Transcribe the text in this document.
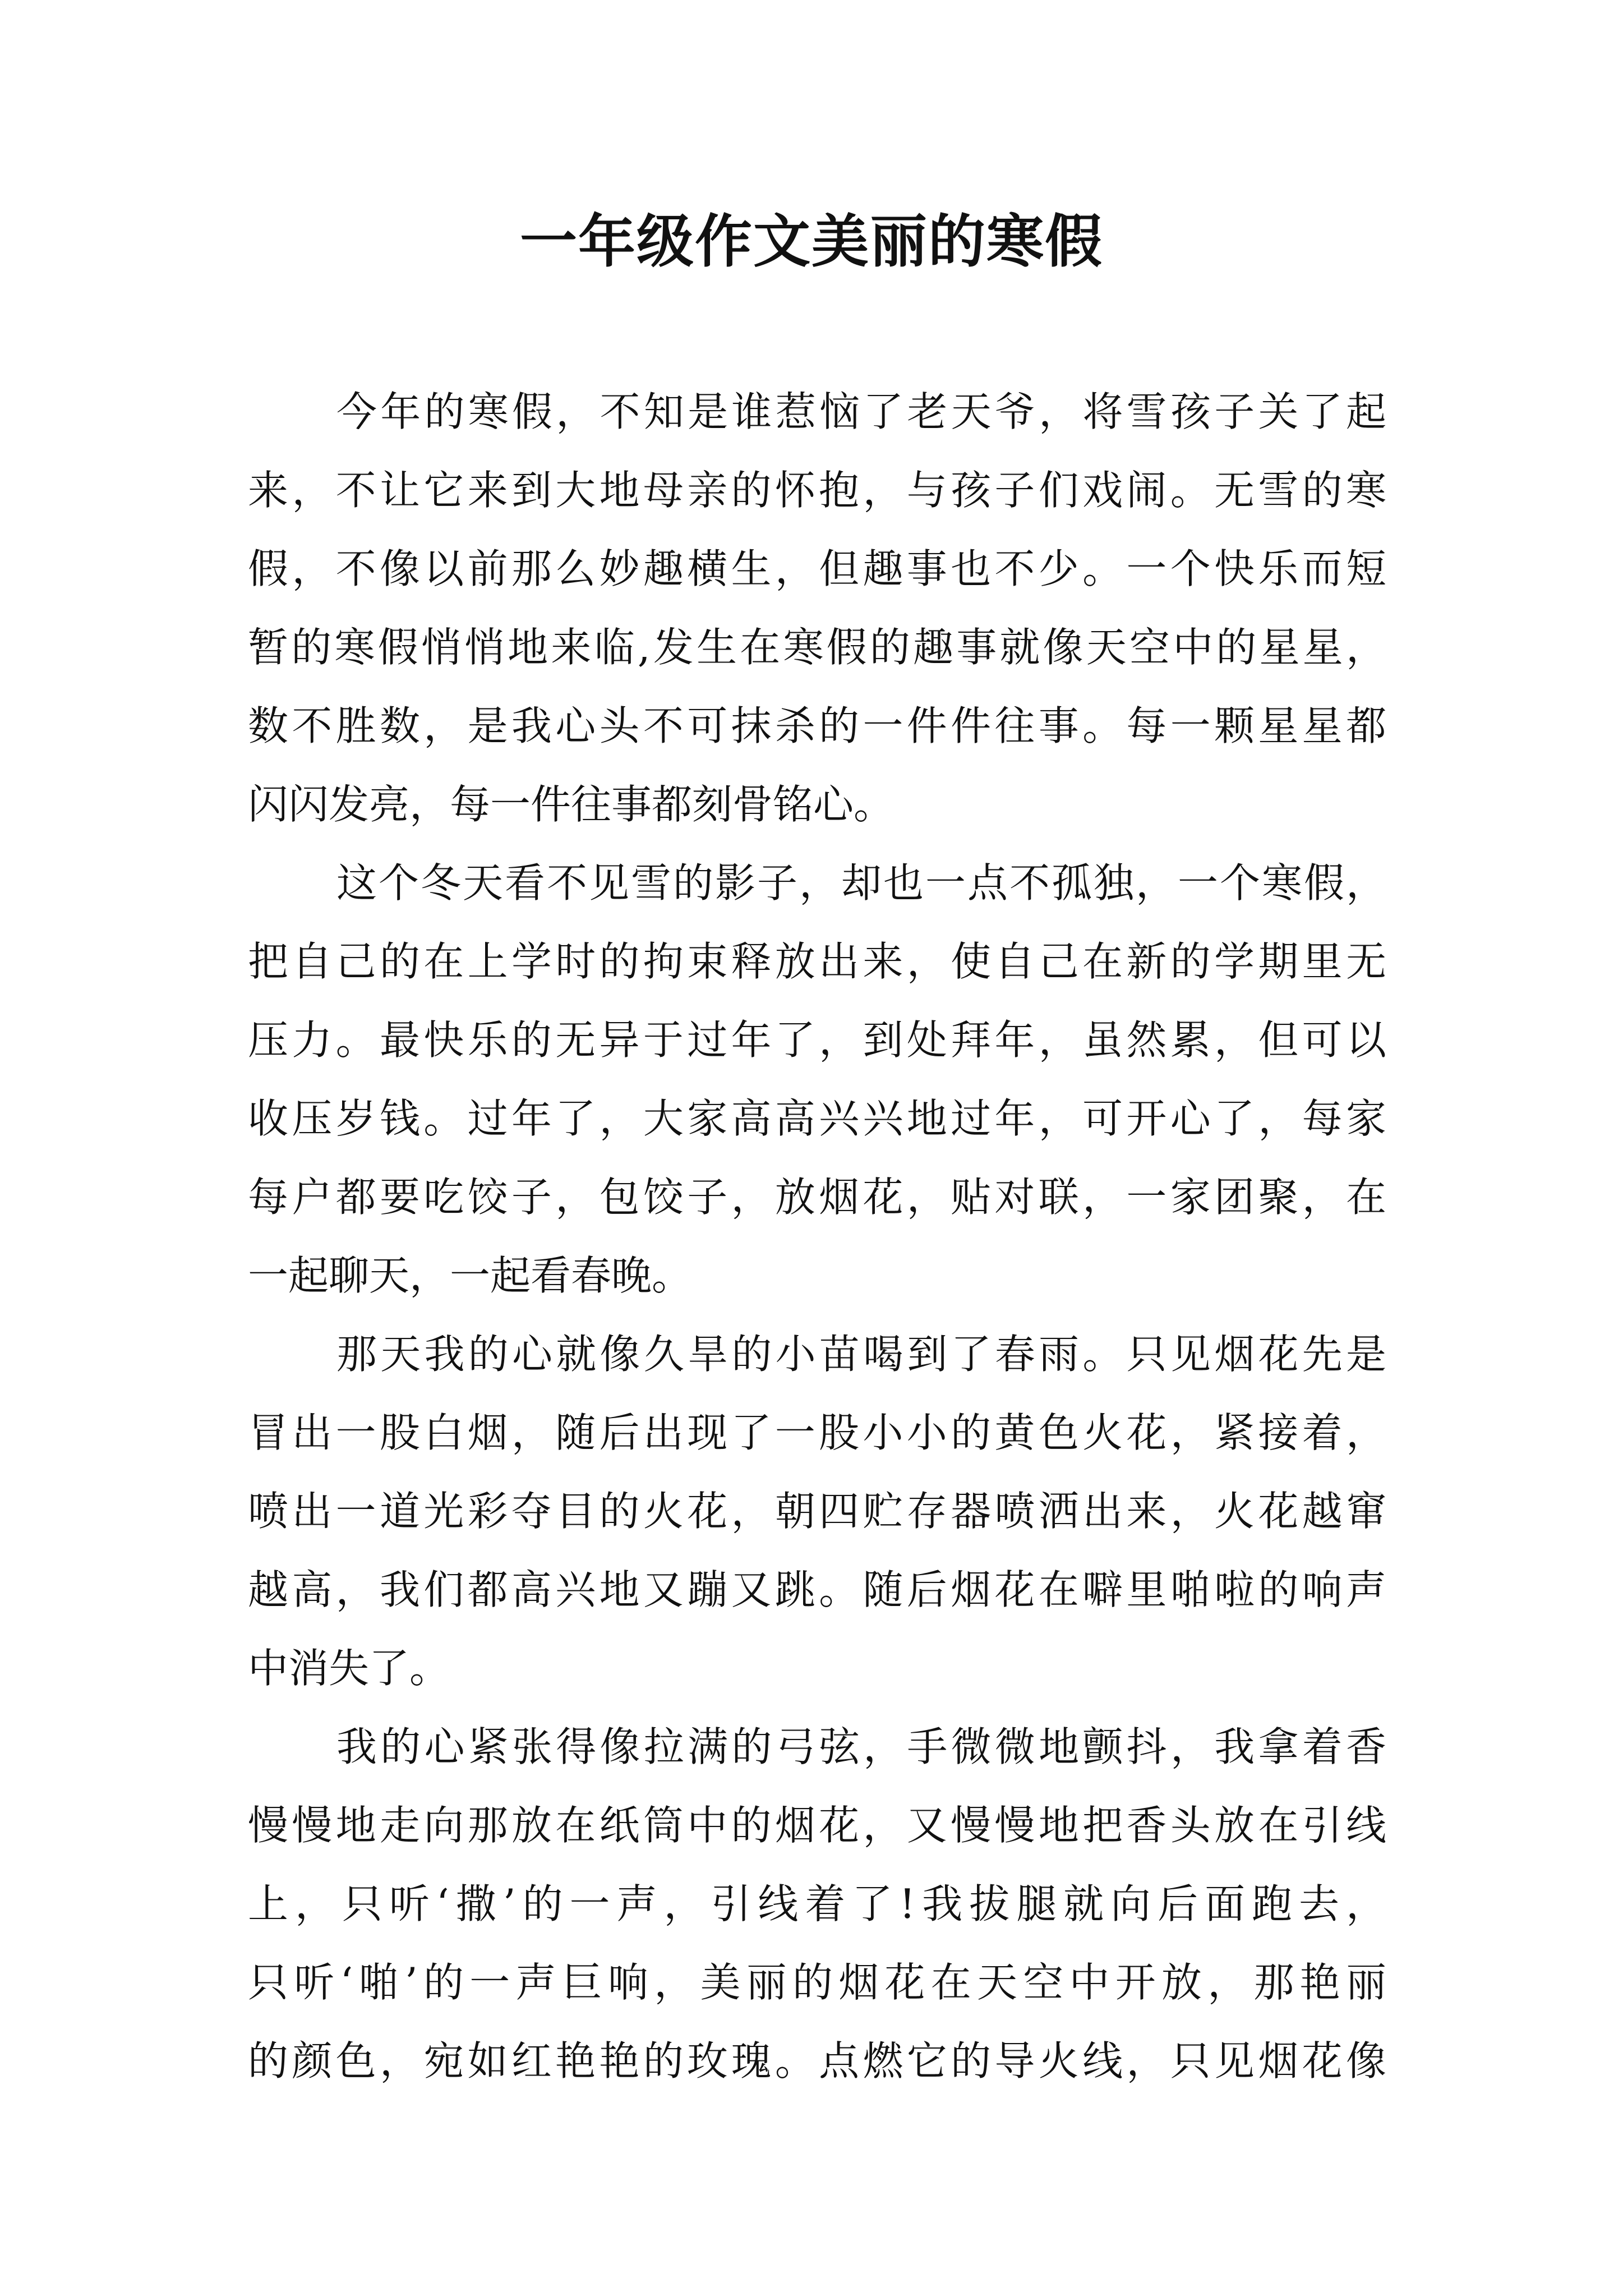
一年级作文美丽的寒假
今年的寒假，不知是谁惹恼了老天爷，将雪孩子关了起
来，不让它来到大地母亲的怀抱，与孩子们戏闹。无雪的寒
假，不像以前那么妙趣横生，但趣事也不少。一个快乐而短
暂的寒假悄悄地来临,发生在寒假的趣事就像天空中的星星，
数不胜数，是我心头不可抹杀的一件件往事。每一颗星星都
闪闪发亮，每一件往事都刻骨铭心。
这个冬天看不见雪的影子，却也一点不孤独，一个寒假，
把自己的在上学时的拘束释放出来，使自己在新的学期里无
压力。最快乐的无异于过年了，到处拜年，虽然累，但可以
收压岁钱。过年了，大家高高兴兴地过年，可开心了，每家
每户都要吃饺子，包饺子，放烟花，贴对联，一家团聚，在
一起聊天，一起看春晚。
那天我的心就像久旱的小苗喝到了春雨。只见烟花先是
冒出一股白烟，随后出现了一股小小的黄色火花，紧接着，
喷出一道光彩夺目的火花，朝四贮存器喷洒出来，火花越窜
越高，我们都高兴地又蹦又跳。随后烟花在噼里啪啦的响声
中消失了。
我的心紧张得像拉满的弓弦，手微微地颤抖，我拿着香
慢慢地走向那放在纸筒中的烟花，又慢慢地把香头放在引线
上，只听‘撒’的一声，引线着了!我拔腿就向后面跑去，
只听‘啪’的一声巨响，美丽的烟花在天空中开放，那艳丽
的颜色，宛如红艳艳的玫瑰。点燃它的导火线，只见烟花像
